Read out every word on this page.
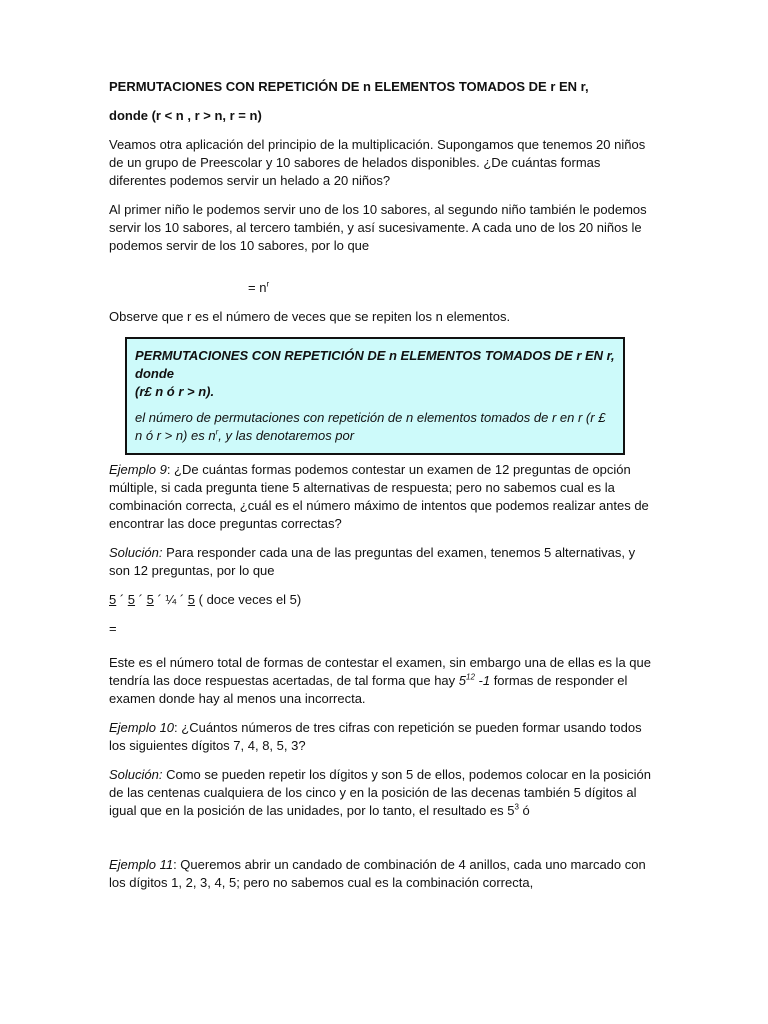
PERMUTACIONES CON REPETICIÓN DE n ELEMENTOS TOMADOS DE r EN r,

donde (r < n , r > n, r = n)

Veamos otra aplicación del principio de la multiplicación. Supongamos que tenemos 20 niños de un grupo de Preescolar y 10 sabores de helados disponibles. ¿De cuántas formas diferentes podemos servir un helado a 20 niños?

Al primer niño le podemos servir uno de los 10 sabores, al segundo niño también le podemos servir los 10 sabores, al tercero también, y así sucesivamente. A cada uno de los 20 niños le podemos servir de los 10 sabores, por lo que

= $n^r$

Observe que r es el número de veces que se repiten los n elementos.

PERMUTACIONES CON REPETICIÓN DE n ELEMENTOS TOMADOS DE r EN r, donde
(r£ n ó r > n).

el número de permutaciones con repetición de n elementos tomados de r en r (r £ n ó r > n) es $n^r$, y las denotaremos por

Ejemplo 9: ¿De cuántas formas podemos contestar un examen de 12 preguntas de opción múltiple, si cada pregunta tiene 5 alternativas de respuesta; pero no sabemos cual es la combinación correcta, ¿cuál es el número máximo de intentos que podemos realizar antes de encontrar las doce preguntas correctas?

Solución: Para responder cada una de las preguntas del examen, tenemos 5 alternativas, y son 12 preguntas, por lo que

5 ´ 5 ´ 5 ´ ¼ ´ 5 ( doce veces el 5)

=

Este es el número total de formas de contestar el examen, sin embargo una de ellas es la que tendría las doce respuestas acertadas, de tal forma que hay $5^{12}$ -1 formas de responder el examen donde hay al menos una incorrecta.

Ejemplo 10: ¿Cuántos números de tres cifras con repetición se pueden formar usando todos los siguientes dígitos 7, 4, 8, 5, 3?

Solución: Como se pueden repetir los dígitos y son 5 de ellos, podemos colocar en la posición de las centenas cualquiera de los cinco y en la posición de las decenas también 5 dígitos al igual que en la posición de las unidades, por lo tanto, el resultado es $5^3$ ó

Ejemplo 11: Queremos abrir un candado de combinación de 4 anillos, cada uno marcado con los dígitos 1, 2, 3, 4, 5; pero no sabemos cual es la combinación correcta,
